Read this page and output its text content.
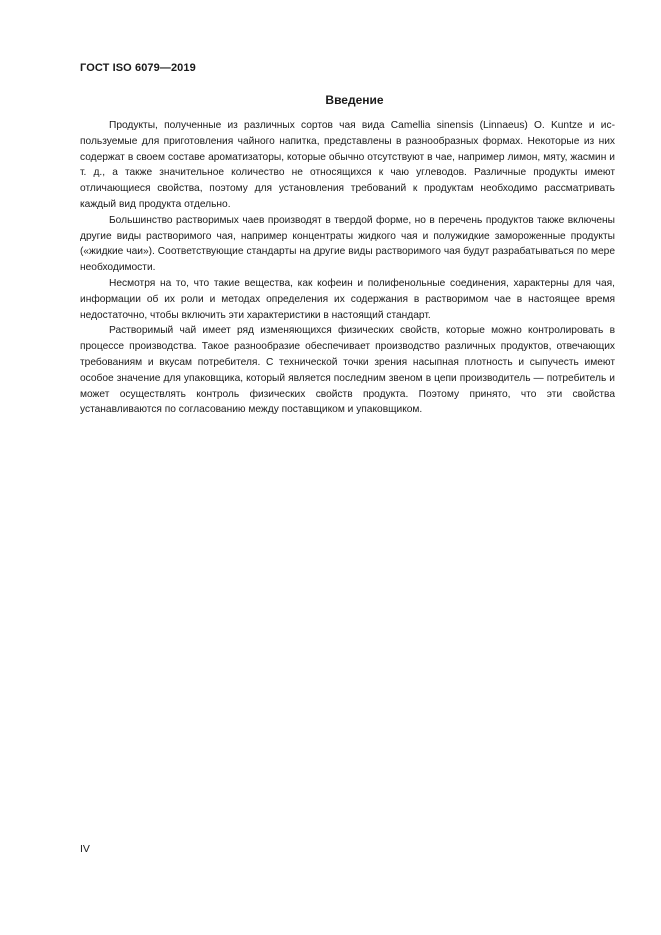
ГОСТ ISO 6079—2019
Введение

Продукты, полученные из различных сортов чая вида Camellia sinensis (Linnaeus) O. Kuntze и используемые для приготовления чайного напитка, представлены в разнообразных формах. Некоторые из них содержат в своем составе ароматизаторы, которые обычно отсутствуют в чае, например лимон, мяту, жасмин и т. д., а также значительное количество не относящихся к чаю углеводов. Различные продукты имеют отличающиеся свойства, поэтому для установления требований к продуктам необходимо рассматривать каждый вид продукта отдельно.

Большинство растворимых чаев производят в твердой форме, но в перечень продуктов также включены другие виды растворимого чая, например концентраты жидкого чая и полужидкие замороженные продукты («жидкие чаи»). Соответствующие стандарты на другие виды растворимого чая будут разрабатываться по мере необходимости.

Несмотря на то, что такие вещества, как кофеин и полифенольные соединения, характерны для чая, информации об их роли и методах определения их содержания в растворимом чае в настоящее время недостаточно, чтобы включить эти характеристики в настоящий стандарт.

Растворимый чай имеет ряд изменяющихся физических свойств, которые можно контролировать в процессе производства. Такое разнообразие обеспечивает производство различных продуктов, отвечающих требованиям и вкусам потребителя. С технической точки зрения насыпная плотность и сыпучесть имеют особое значение для упаковщика, который является последним звеном в цепи производитель — потребитель и может осуществлять контроль физических свойств продукта. Поэтому принято, что эти свойства устанавливаются по согласованию между поставщиком и упаковщиком.

IV
